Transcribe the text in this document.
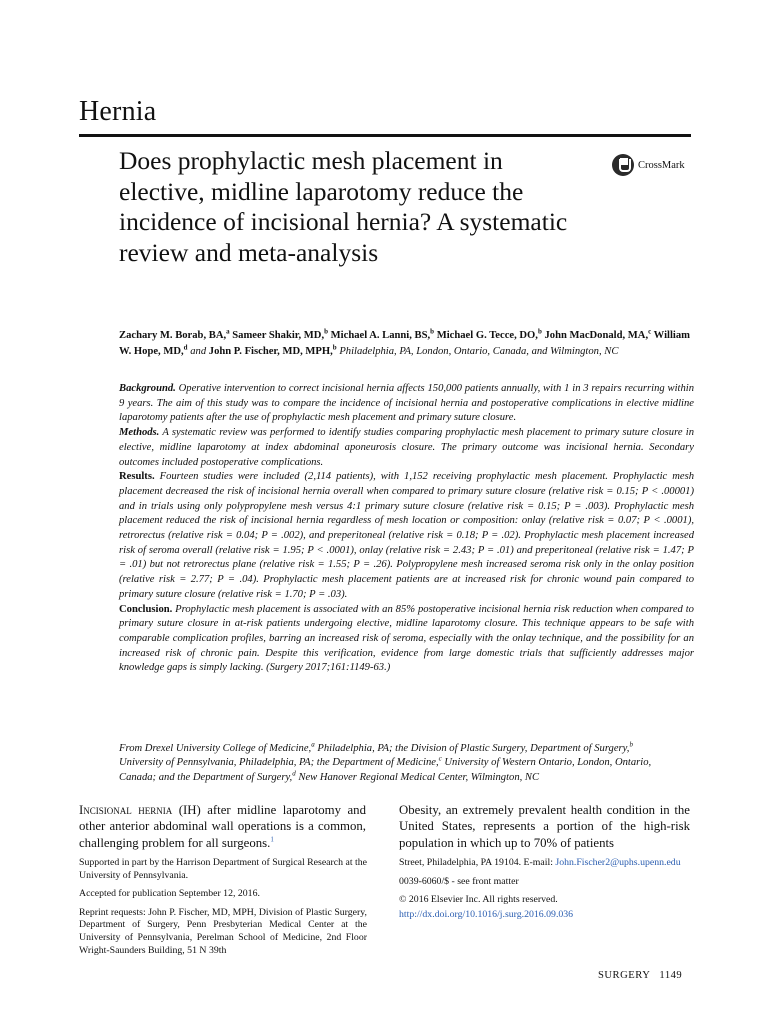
Hernia
Does prophylactic mesh placement in elective, midline laparotomy reduce the incidence of incisional hernia? A systematic review and meta-analysis
CrossMark
Zachary M. Borab, BA,$^a$ Sameer Shakir, MD,$^b$ Michael A. Lanni, BS,$^b$ Michael G. Tecce, DO,$^b$ John MacDonald, MA,$^c$ William W. Hope, MD,$^d$ and John P. Fischer, MD, MPH,$^b$ Philadelphia, PA, London, Ontario, Canada, and Wilmington, NC
Background. Operative intervention to correct incisional hernia affects 150,000 patients annually, with 1 in 3 repairs recurring within 9 years. The aim of this study was to compare the incidence of incisional hernia and postoperative complications in elective midline laparotomy patients after the use of prophylactic mesh placement and primary suture closure.
Methods. A systematic review was performed to identify studies comparing prophylactic mesh placement to primary suture closure in elective, midline laparotomy at index abdominal aponeurosis closure. The primary outcome was incisional hernia. Secondary outcomes included postoperative complications.
Results. Fourteen studies were included (2,114 patients), with 1,152 receiving prophylactic mesh placement. Prophylactic mesh placement decreased the risk of incisional hernia overall when compared to primary suture closure (relative risk = 0.15; P < .00001) and in trials using only polypropylene mesh versus 4:1 primary suture closure (relative risk = 0.15; P = .003). Prophylactic mesh placement reduced the risk of incisional hernia regardless of mesh location or composition: onlay (relative risk = 0.07; P < .0001), retrorectus (relative risk = 0.04; P = .002), and preperitoneal (relative risk = 0.18; P = .02). Prophylactic mesh placement increased risk of seroma overall (relative risk = 1.95; P < .0001), onlay (relative risk = 2.43; P = .01) and preperitoneal (relative risk = 1.47; P = .01) but not retrorectus plane (relative risk = 1.55; P = .26). Polypropylene mesh increased seroma risk only in the onlay position (relative risk = 2.77; P = .04). Prophylactic mesh placement patients are at increased risk for chronic wound pain compared to primary suture closure (relative risk = 1.70; P = .03).
Conclusion. Prophylactic mesh placement is associated with an 85% postoperative incisional hernia risk reduction when compared to primary suture closure in at-risk patients undergoing elective, midline laparotomy closure. This technique appears to be safe with comparable complication profiles, barring an increased risk of seroma, especially with the onlay technique, and the possibility for an increased risk of chronic pain. Despite this verification, evidence from large domestic trials that sufficiently addresses major knowledge gaps is simply lacking. (Surgery 2017;161:1149-63.)
From Drexel University College of Medicine,$^a$ Philadelphia, PA; the Division of Plastic Surgery, Department of Surgery,$^b$ University of Pennsylvania, Philadelphia, PA; the Department of Medicine,$^c$ University of Western Ontario, London, Ontario, Canada; and the Department of Surgery,$^d$ New Hanover Regional Medical Center, Wilmington, NC
Incisional hernia (IH) after midline laparotomy and other anterior abdominal wall operations is a common, challenging problem for all surgeons.$^1$
Obesity, an extremely prevalent health condition in the United States, represents a portion of the high-risk population in which up to 70% of patients

Supported in part by the Harrison Department of Surgical Research at the University of Pennsylvania.

Accepted for publication September 12, 2016.

Reprint requests: John P. Fischer, MD, MPH, Division of Plastic Surgery, Department of Surgery, Penn Presbyterian Medical Center at the University of Pennsylvania, Perelman School of Medicine, 2nd Floor Wright-Saunders Building, 51 N 39th

Street, Philadelphia, PA 19104. E-mail: John.Fischer2@uphs.upenn.edu

0039-6060/$ - see front matter

© 2016 Elsevier Inc. All rights reserved.

http://dx.doi.org/10.1016/j.surg.2016.09.036

SURGERY 1149
